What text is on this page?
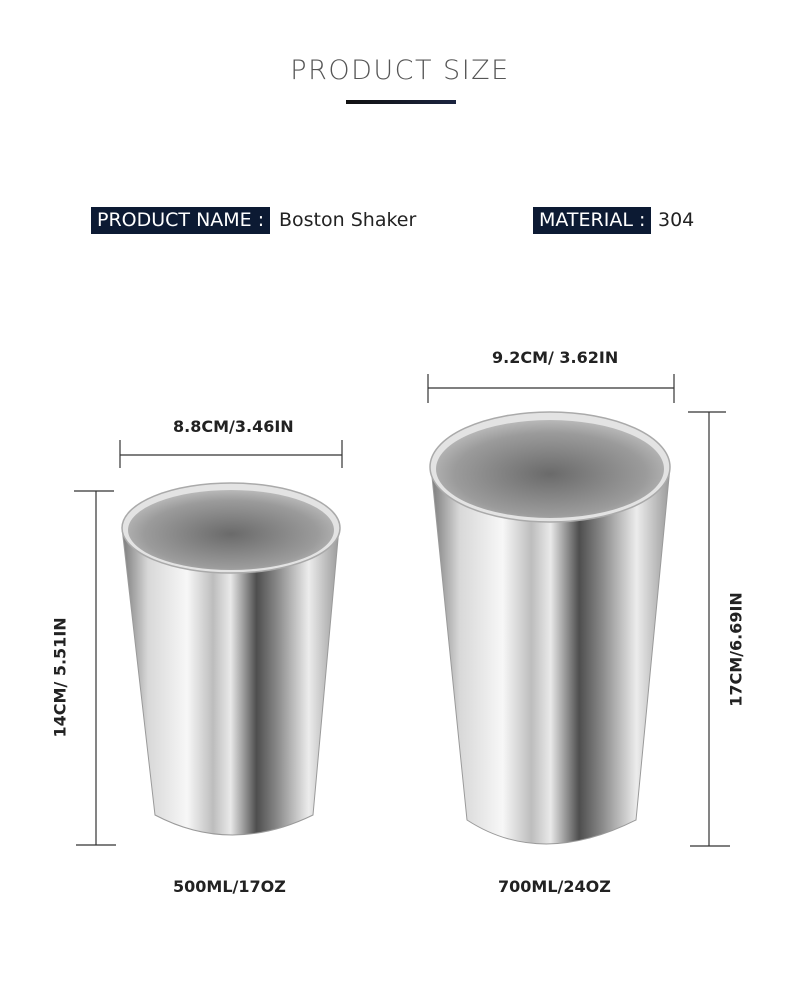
PRODUCT SIZE
PRODUCT NAME : Boston Shaker	MATERIAL : 304
8.8CM/3.46IN
14CM/ 5.51IN
500ML/17OZ
9.2CM/ 3.62IN
17CM/6.69IN
700ML/24OZ
